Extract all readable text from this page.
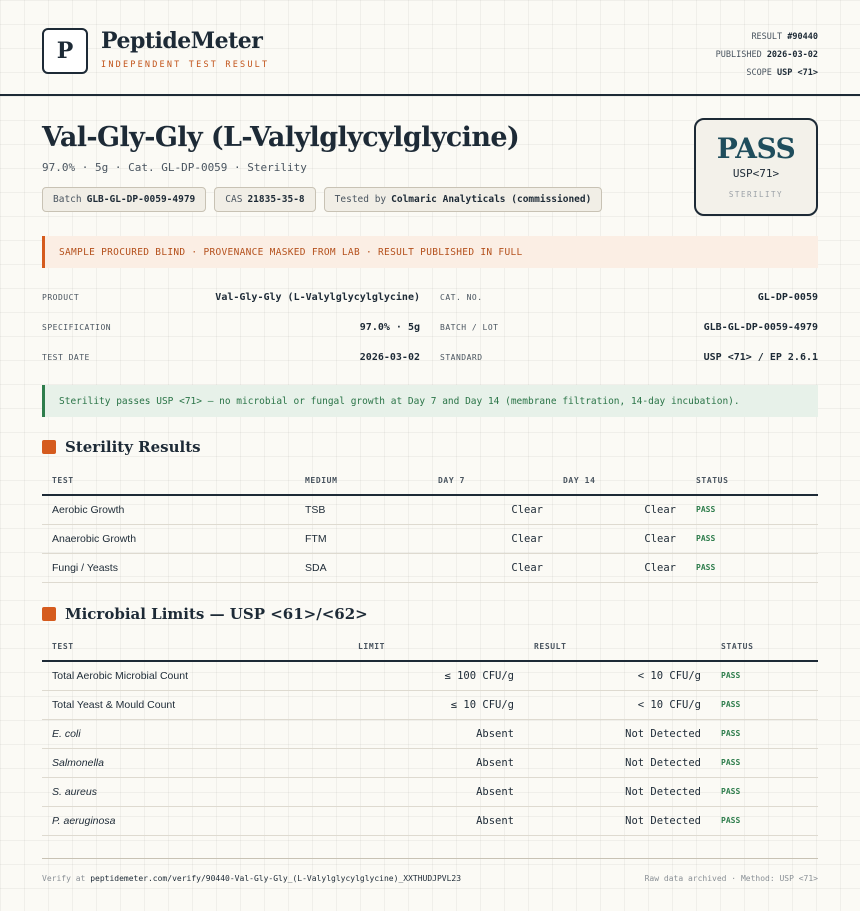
P PeptideMeter
INDEPENDENT TEST RESULT
RESULT #90440
PUBLISHED 2026-03-02
SCOPE USP <71>
Val-Gly-Gly (L-Valylglycylglycine)
97.0% · 5g · Cat. GL-DP-0059 · Sterility
Batch GLB-GL-DP-0059-4979	CAS 21835-35-8	Tested by Colmaric Analyticals (commissioned)
PASS
USP<71>
STERILITY
SAMPLE PROCURED BLIND · PROVENANCE MASKED FROM LAB · RESULT PUBLISHED IN FULL
PRODUCT	Val-Gly-Gly (L-Valylglycylglycine)	CAT. NO.	GL-DP-0059
SPECIFICATION	97.0% · 5g	BATCH / LOT	GLB-GL-DP-0059-4979
TEST DATE	2026-03-02	STANDARD	USP <71> / EP 2.6.1
Sterility passes USP <71> — no microbial or fungal growth at Day 7 and Day 14 (membrane filtration, 14-day incubation).
Sterility Results
TEST	MEDIUM	DAY 7	DAY 14	STATUS
Aerobic Growth	TSB	Clear	Clear	PASS
Anaerobic Growth	FTM	Clear	Clear	PASS
Fungi / Yeasts	SDA	Clear	Clear	PASS
Microbial Limits — USP <61>/<62>
TEST	LIMIT	RESULT	STATUS
Total Aerobic Microbial Count	≤ 100 CFU/g	< 10 CFU/g	PASS
Total Yeast & Mould Count	≤ 10 CFU/g	< 10 CFU/g	PASS
E. coli	Absent	Not Detected	PASS
Salmonella	Absent	Not Detected	PASS
S. aureus	Absent	Not Detected	PASS
P. aeruginosa	Absent	Not Detected	PASS
Verify at peptidemeter.com/verify/90440-Val-Gly-Gly_(L-Valylglycylglycine)_XXTHUDJPVL23	Raw data archived · Method: USP <71>
